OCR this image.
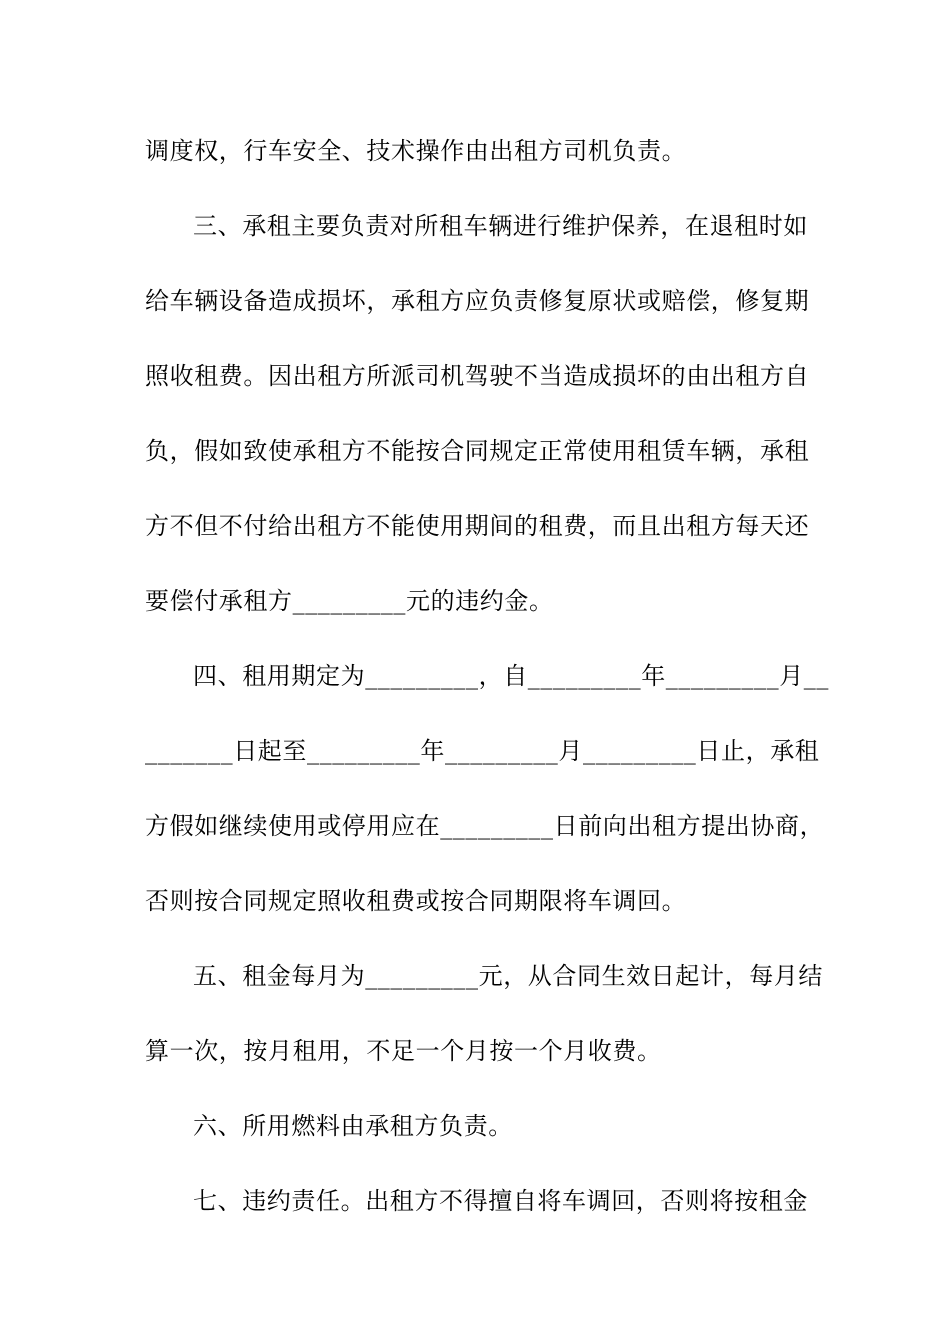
调度权，行车安全、技术操作由出租方司机负责。
三、承租主要负责对所租车辆进行维护保养，在退租时如
给车辆设备造成损坏，承租方应负责修复原状或赔偿，修复期
照收租费。因出租方所派司机驾驶不当造成损坏的由出租方自
负，假如致使承租方不能按合同规定正常使用租赁车辆，承租
方不但不付给出租方不能使用期间的租费，而且出租方每天还
要偿付承租方_________元的违约金。
四、租用期定为_________，自_________年_________月__
_______日起至_________年_________月_________日止，承租
方假如继续使用或停用应在_________日前向出租方提出协商，
否则按合同规定照收租费或按合同期限将车调回。
五、租金每月为_________元，从合同生效日起计，每月结
算一次，按月租用，不足一个月按一个月收费。
六、所用燃料由承租方负责。
七、违约责任。出租方不得擅自将车调回，否则将按租金
